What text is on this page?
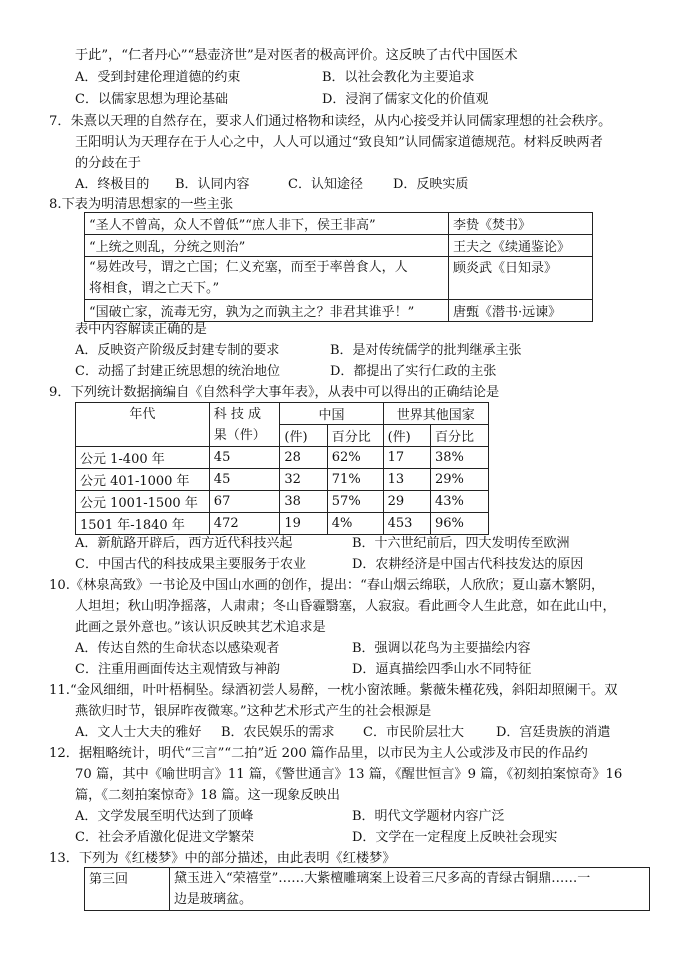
于此”，“仁者丹心”“悬壶济世”是对医者的极高评价。这反映了古代中国医术
A．受到封建伦理道德的约束	B．以社会教化为主要追求
C．以儒家思想为理论基础	D．浸润了儒家文化的价值观
7．朱熹以天理的自然存在，要求人们通过格物和读经，从内心接受并认同儒家理想的社会秩序。
王阳明认为天理存在于人心之中，人人可以通过“致良知”认同儒家道德规范。材料反映两者
的分歧在于
A．终极目的 B．认同内容	C．认知途径 D．反映实质
8.下表为明清思想家的一些主张
“圣人不曾高，众人不曾低”“庶人非下，侯王非高”	李贽《焚书》
“上统之则乱，分统之则治”	王夫之《续通鉴论》

“易姓改号，谓之亡国；仁义充塞，而至于率兽食人，人
将相食，谓之亡天下。”	顾炎武《日知录》
“国破亡家，流毒无穷，孰为之而孰主之？非君其谁乎！”	唐甄《潜书·远谏》
表中内容解读正确的是
A．反映资产阶级反封建专制的要求	B．是对传统儒学的批判继承主张
C．动摇了封建正统思想的统治地位	D．都提出了实行仁政的主张
9．下列统计数据摘编自《自然科学大事年表》，从表中可以得出的正确结论是
年代	科 技 成
果（件）	中国		世界其他国家	
		(件)	百分比	(件)	百分比
公元 1-400 年	45	28	62%	17	38%
公元 401-1000 年	45	32	71%	13	29%
公元 1001-1500 年	67	38	57%	29	43%
1501 年-1840 年	472	19	4%	453	96%
A．新航路开辟后，西方近代科技兴起	B．十六世纪前后，四大发明传至欧洲
C．中国古代的科技成果主要服务于农业	D．农耕经济是中国古代科技发达的原因
10.《林泉高致》一书论及中国山水画的创作，提出：“春山烟云绵联，人欣欣；夏山嘉木繁阴，
人坦坦；秋山明净摇落，人肃肃；冬山昏霾翳塞，人寂寂。看此画令人生此意，如在此山中，
此画之景外意也。”该认识反映其艺术追求是
A．传达自然的生命状态以感染观者	B．强调以花鸟为主要描绘内容
C．注重用画面传达主观情致与神韵	D．逼真描绘四季山水不同特征
11.“金风细细，叶叶梧桐坠。绿酒初尝人易醉，一枕小窗浓睡。紫薇朱槿花残，斜阳却照阑干。双
燕欲归时节，银屏昨夜微寒。”这种艺术形式产生的社会根源是
A．文人士大夫的雅好 B．农民娱乐的需求 C．市民阶层壮大 D．宫廷贵族的消遣
12．据粗略统计，明代“三言”“二拍”近 200 篇作品里，以市民为主人公或涉及市民的作品约
70 篇，其中《喻世明言》11 篇，《警世通言》13 篇，《醒世恒言》9 篇，《初刻拍案惊奇》16
篇，《二刻拍案惊奇》18 篇。这一现象反映出
A．文学发展至明代达到了顶峰	B．明代文学题材内容广泛
C．社会矛盾激化促进文学繁荣	D．文学在一定程度上反映社会现实
13．下列为《红楼梦》中的部分描述，由此表明《红楼梦》
第三回	黛玉进入“荣禧堂”……大紫檀雕璃案上设着三尺多高的青绿古铜鼎……一
边是玻璃盆。
